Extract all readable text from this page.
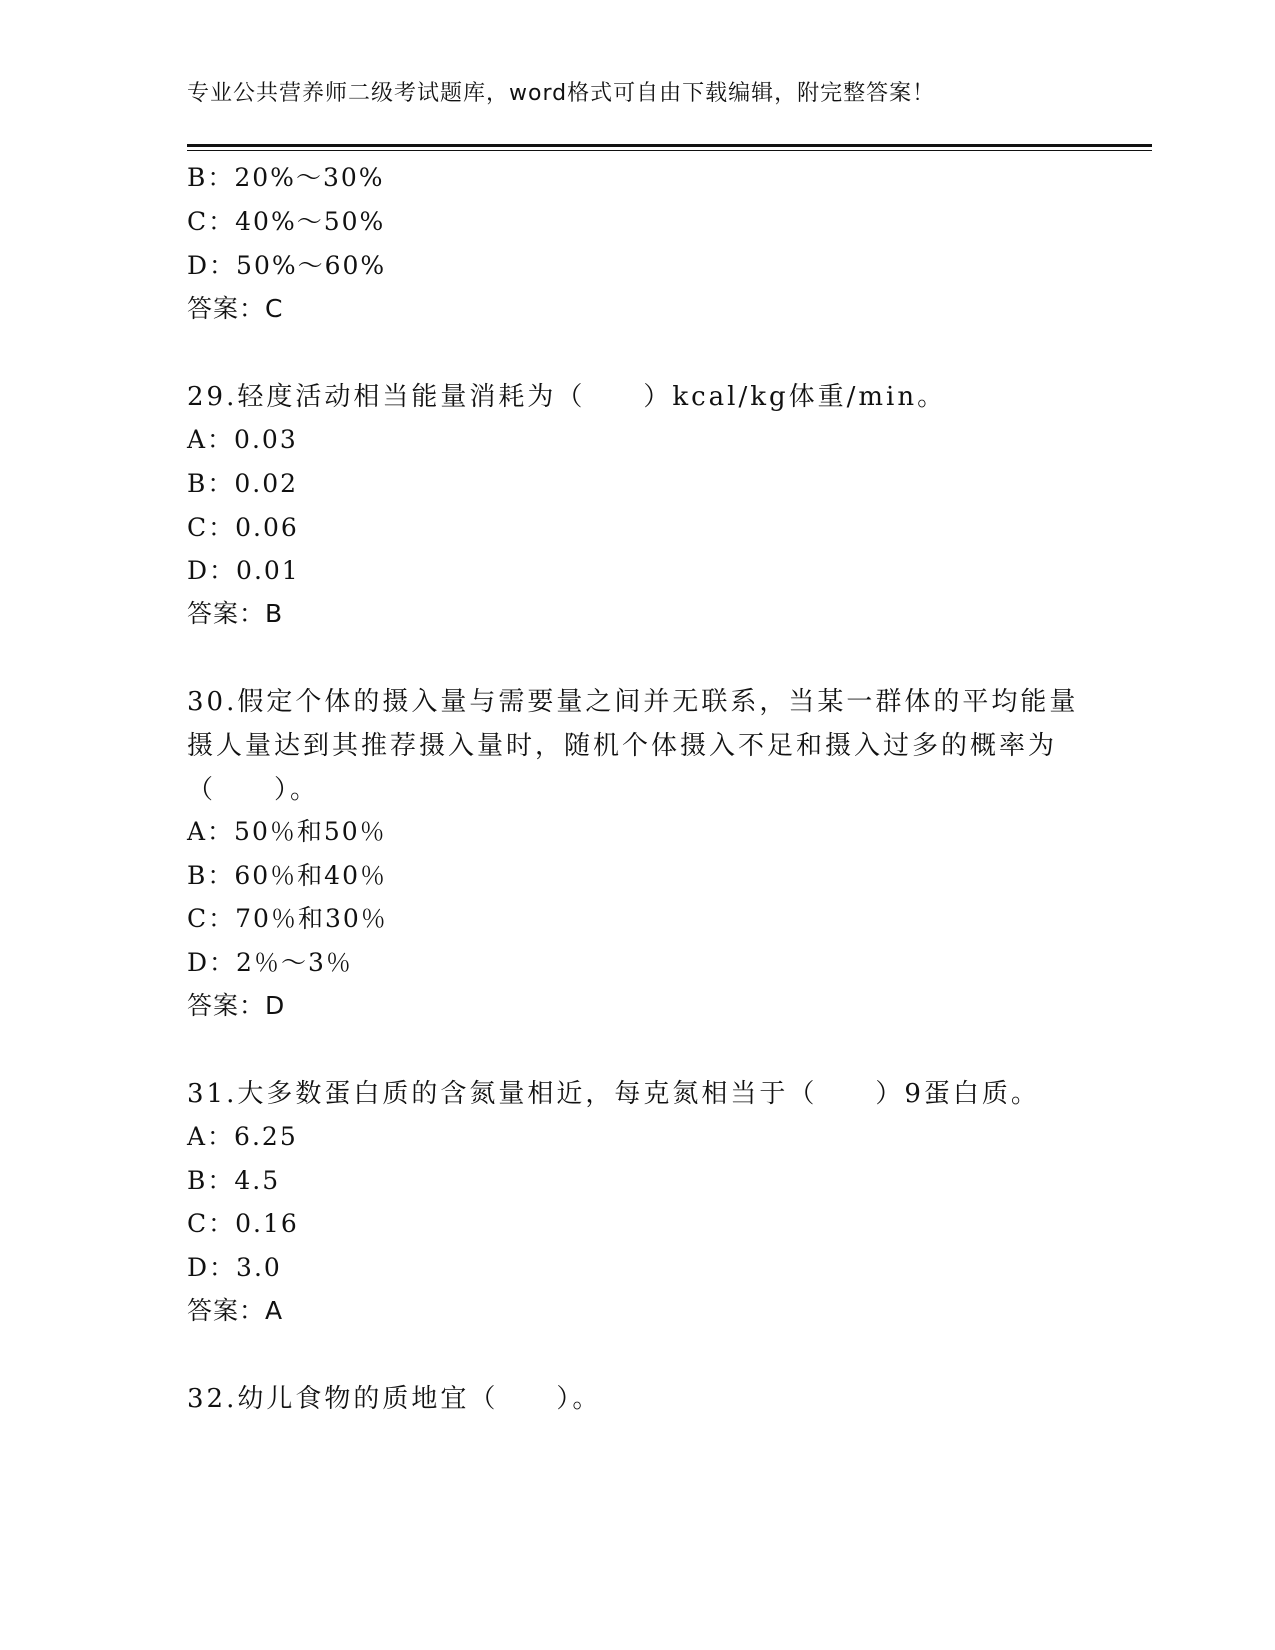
专业公共营养师二级考试题库，word格式可自由下载编辑，附完整答案！
B：20%～30%
C：40%～50%
D：50%～60%
答案：C
29.轻度活动相当能量消耗为（　　）kcal/kg体重/min。
A：0.03
B：0.02
C：0.06
D：0.01
答案：B
30.假定个体的摄入量与需要量之间并无联系，当某一群体的平均能量
摄人量达到其推荐摄入量时，随机个体摄入不足和摄入过多的概率为
（　　）。
A：50％和50％
B：60％和40％
C：70％和30％
D：2％～3％
答案：D
31.大多数蛋白质的含氮量相近，每克氮相当于（　　）9蛋白质。
A：6.25
B：4.5
C：0.16
D：3.0
答案：A
32.幼儿食物的质地宜（　　）。
